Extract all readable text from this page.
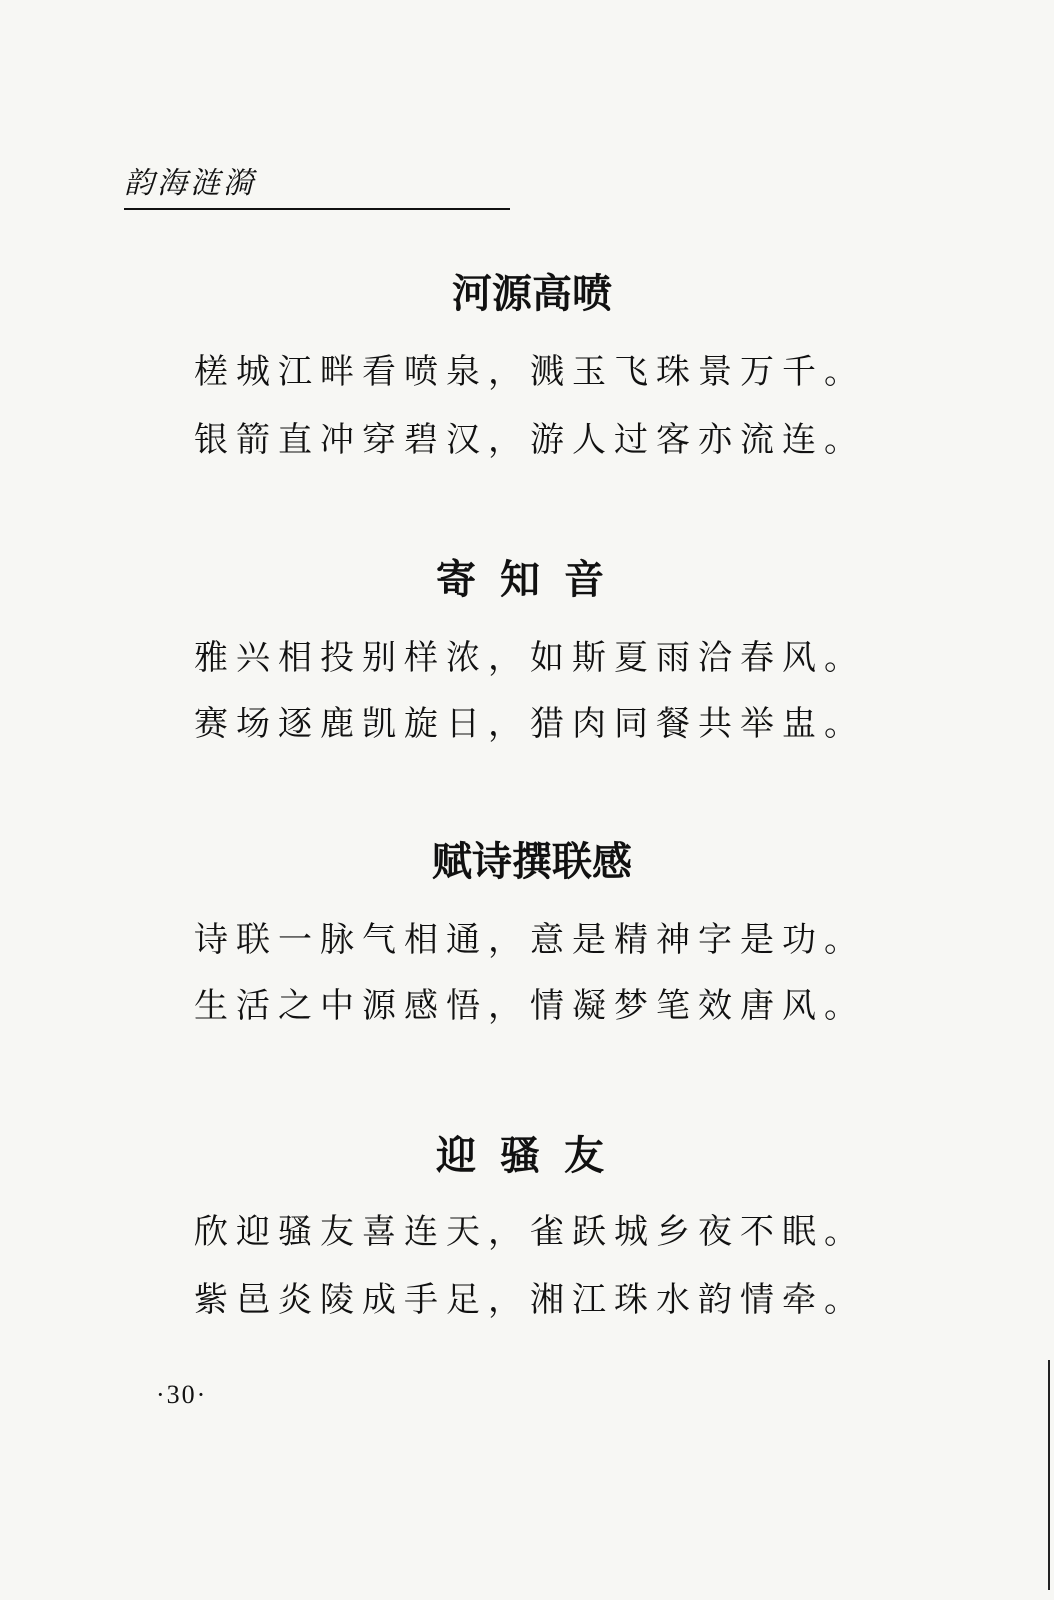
韵海涟漪
河源高喷
槎城江畔看喷泉，溅玉飞珠景万千。
银箭直冲穿碧汉，游人过客亦流连。
寄知音
雅兴相投别样浓，如斯夏雨洽春风。
赛场逐鹿凯旋日，猎肉同餐共举盅。
赋诗撰联感
诗联一脉气相通，意是精神字是功。
生活之中源感悟，情凝梦笔效唐风。
迎骚友
欣迎骚友喜连天，雀跃城乡夜不眠。
紫邑炎陵成手足，湘江珠水韵情牵。
·30·
